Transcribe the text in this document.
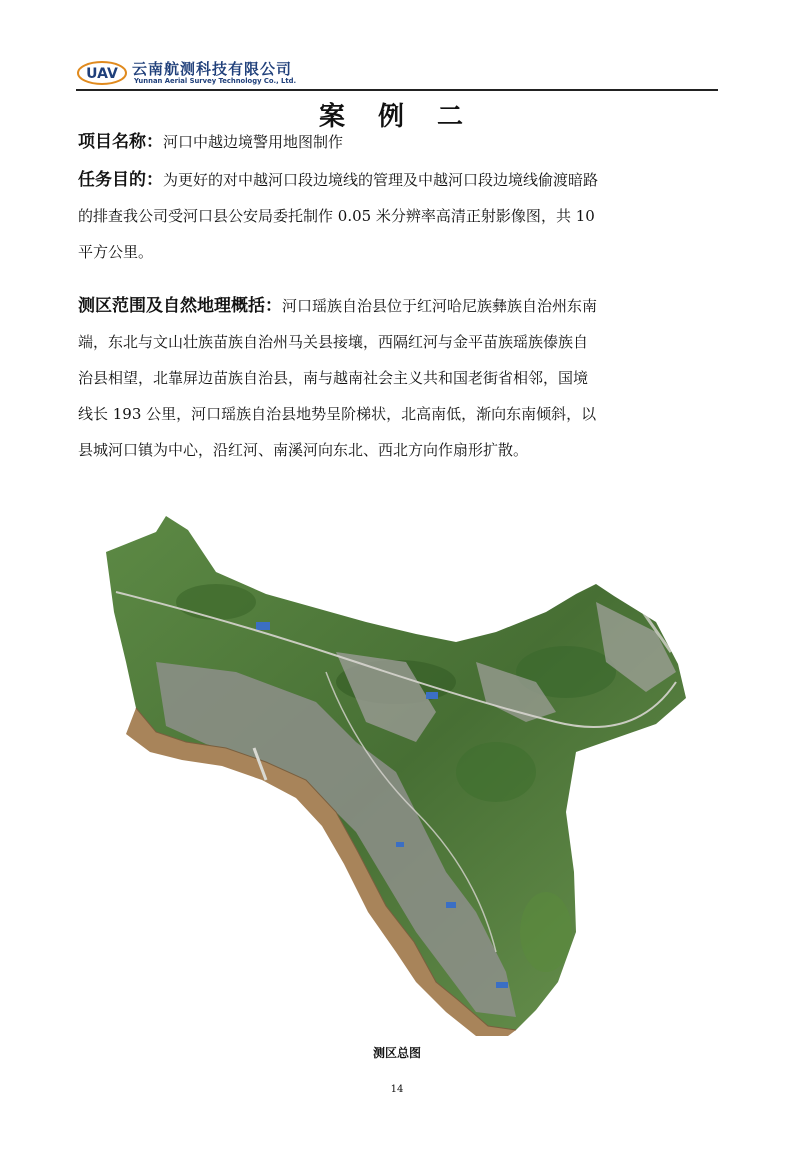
UAV 云南航测科技有限公司
Yunnan Aerial Survey Technology Co., Ltd.
案 例 二
项目名称：河口中越边境警用地图制作
任务目的：为更好的对中越河口段边境线的管理及中越河口段边境线偷渡暗路
的排查我公司受河口县公安局委托制作 0.05 米分辨率高清正射影像图，共 10
平方公里。
测区范围及自然地理概括：河口瑶族自治县位于红河哈尼族彝族自治州东南
端，东北与文山壮族苗族自治州马关县接壤，西隔红河与金平苗族瑶族傣族自
治县相望，北靠屏边苗族自治县，南与越南社会主义共和国老街省相邻，国境
线长 193 公里，河口瑶族自治县地势呈阶梯状，北高南低，渐向东南倾斜，以
县城河口镇为中心，沿红河、南溪河向东北、西北方向作扇形扩散。
测区总图
14
